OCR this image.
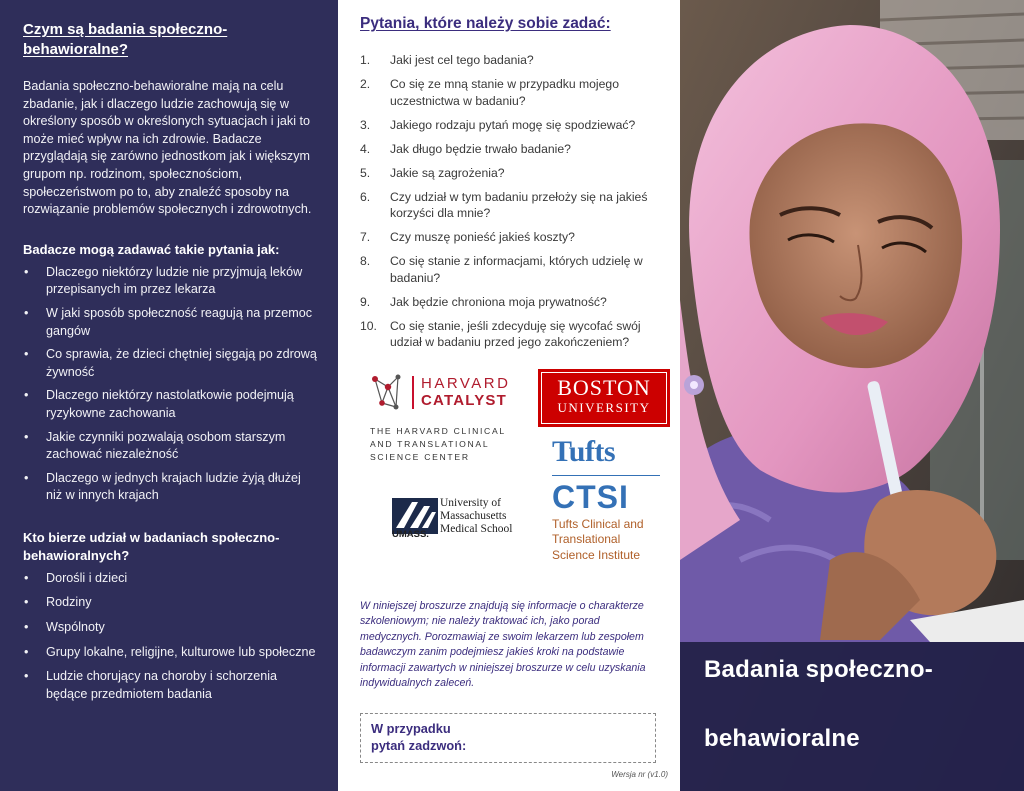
Czym są badania społeczno-behawioralne?

Badania społeczno-behawioralne mają na celu zbadanie, jak i dlaczego ludzie zachowują się w określony sposób w określonych sytuacjach i jaki to może mieć wpływ na ich zdrowie. Badacze przyglądają się zarówno jednostkom jak i większym grupom np. rodzinom, społecznościom, społeczeństwom po to, aby znaleźć sposoby na rozwiązanie problemów społecznych i zdrowotnych.

Badacze mogą zadawać takie pytania jak:
• Dlaczego niektórzy ludzie nie przyjmują leków przepisanych im przez lekarza
• W jaki sposób społeczność reagują na przemoc gangów
• Co sprawia, że dzieci chętniej sięgają po zdrową żywność
• Dlaczego niektórzy nastolatkowie podejmują ryzykowne zachowania
• Jakie czynniki pozwalają osobom starszym zachować niezależność
• Dlaczego w jednych krajach ludzie żyją dłużej niż w innych krajach
Kto bierze udział w badaniach społeczno-behawioralnych?
• Dorośli i dzieci
• Rodziny
• Wspólnoty
• Grupy lokalne, religijne, kulturowe lub społeczne
• Ludzie chorujący na choroby i schorzenia będące przedmiotem badania
Pytania, które należy sobie zadać:
1.	Jaki jest cel tego badania?
2.	Co się ze mną stanie w przypadku mojego uczestnictwa w badaniu?
3.	Jakiego rodzaju pytań mogę się spodziewać?
4.	Jak długo będzie trwało badanie?
5.	Jakie są zagrożenia?
6.	Czy udział w tym badaniu przełoży się na jakieś korzyści dla mnie?
7.	Czy muszę ponieść jakieś koszty?
8.	Co się stanie z informacjami, których udzielę w badaniu?
9.	Jak będzie chroniona moja prywatność?
10.	Co się stanie, jeśli zdecyduję się wycofać swój udział w badaniu przed jego zakończeniem?
HARVARD
CATALYST
THE HARVARD CLINICAL
AND TRANSLATIONAL
SCIENCE CENTER
BOSTON
UNIVERSITY
Tufts
CTSI
Tufts Clinical and
Translational
Science Institute
UMASS.
University of
Massachusetts
Medical School

W niniejszej broszurze znajdują się informacje o charakterze szkoleniowym; nie należy traktować ich, jako porad medycznych. Porozmawiaj ze swoim lekarzem lub zespołem badawczym zanim podejmiesz jakieś kroki na podstawie informacji zawartych w niniejszej broszurze w celu uzyskania indywidualnych zaleceń.

W przypadku
pytań zadzwoń:
Wersja nr (v1.0)
Badania społeczno-
behawioralne
